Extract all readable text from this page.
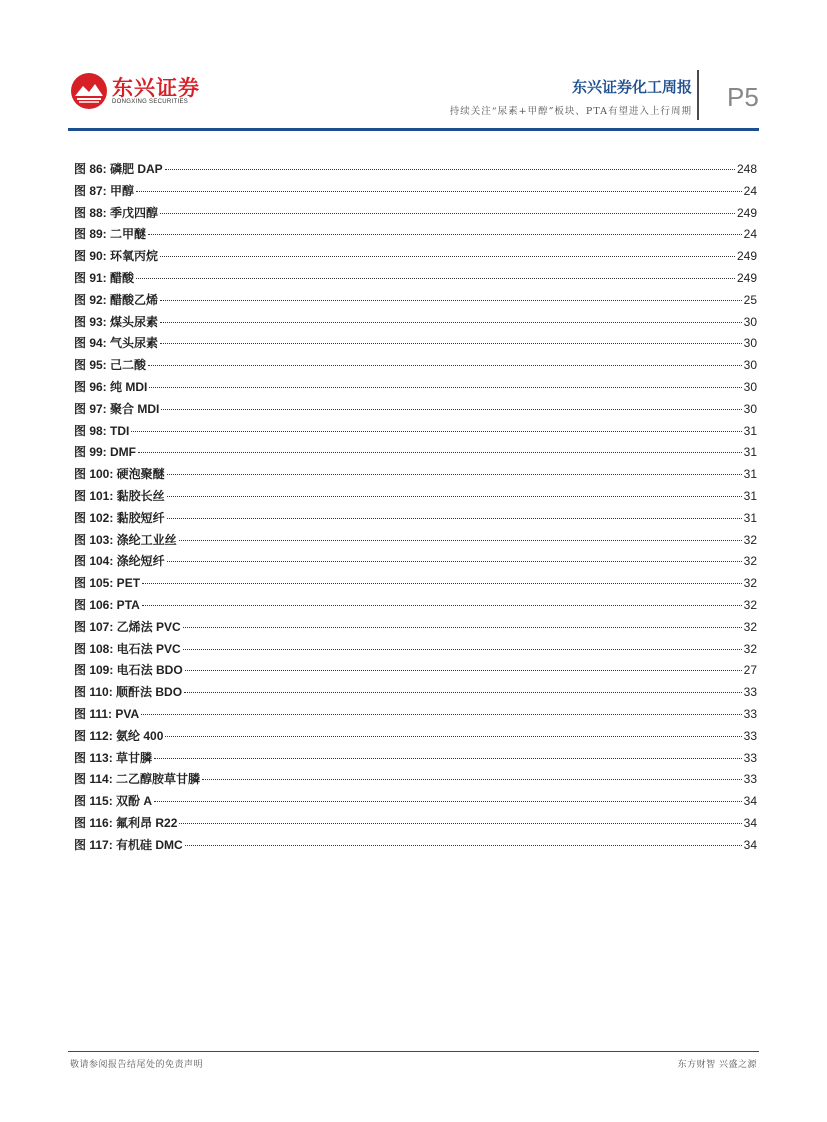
东兴证券
DONGXING SECURITIES
东兴证券化工周报
持续关注“尿素+甲醇”板块、PTA有望进入上行周期 P5
图 86: 磷肥 DAP	248
图 87: 甲醇	24
图 88: 季戊四醇	249
图 89: 二甲醚	24
图 90: 环氧丙烷	249
图 91: 醋酸	249
图 92: 醋酸乙烯	25
图 93: 煤头尿素	30
图 94: 气头尿素	30
图 95: 己二酸	30
图 96: 纯 MDI	30
图 97: 聚合 MDI	30
图 98: TDI	31
图 99: DMF	31
图 100: 硬泡聚醚	31
图 101: 黏胶长丝	31
图 102: 黏胶短纤	31
图 103: 涤纶工业丝	32
图 104: 涤纶短纤	32
图 105: PET	32
图 106: PTA	32
图 107: 乙烯法 PVC	32
图 108: 电石法 PVC	32
图 109: 电石法 BDO	27
图 110: 顺酐法 BDO	33
图 111: PVA	33
图 112: 氨纶 400	33
图 113: 草甘膦	33
图 114: 二乙醇胺草甘膦	33
图 115: 双酚 A	34
图 116: 氟利昂 R22	34
图 117: 有机硅 DMC	34
敬请参阅报告结尾处的免责声明	东方财智 兴盛之源
